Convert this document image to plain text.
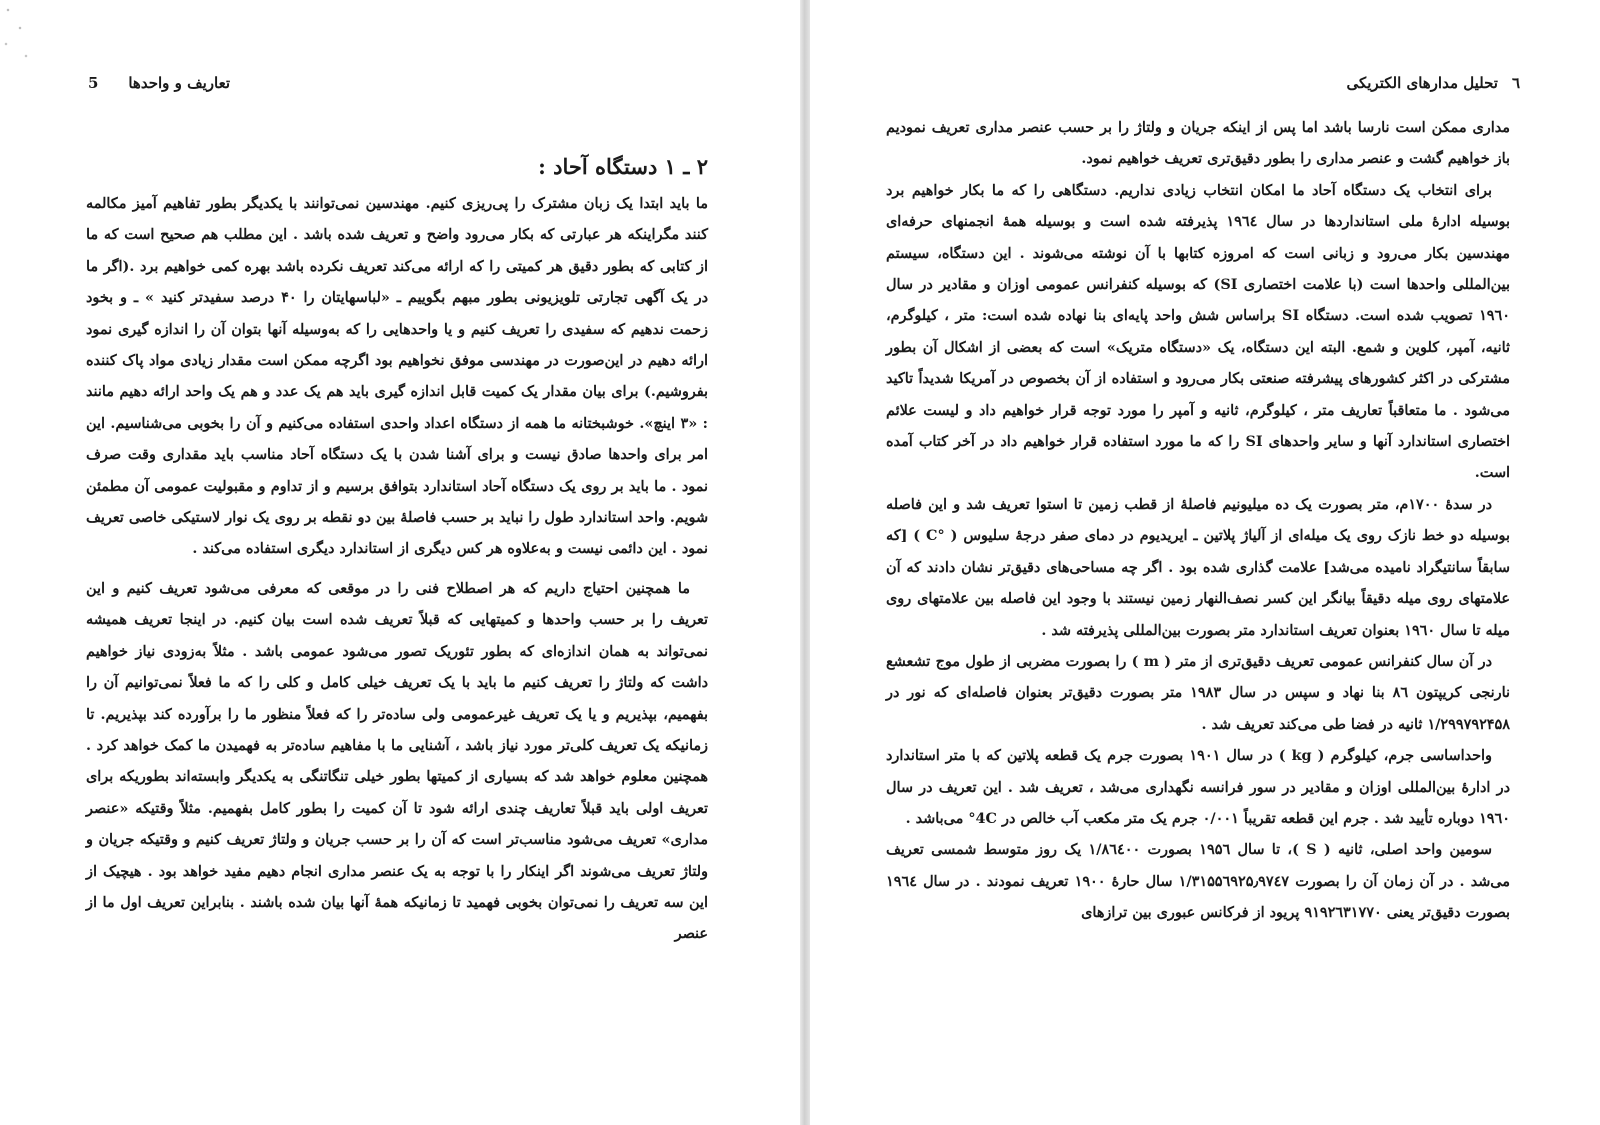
تعاریف و واحدها
5
۲ ـ ۱ دستگاه آحاد :

ما باید ابتدا یک زبان مشترک را پی‌ریزی کنیم. مهندسین نمی‌توانند با یکدیگر بطور تفاهیم آمیز مکالمه کنند مگراینکه هر عبارتی که بکار می‌رود واضح و تعریف شده باشد . این مطلب هم صحیح است که ما از کتابی که بطور دقیق هر کمیتی را که ارائه می‌کند تعریف نکرده باشد بهره کمی خواهیم برد .(اگر ما در یک آگهی تجارتی تلویزیونی بطور مبهم بگوییم ـ «لباسهایتان را ۴۰ درصد سفیدتر کنید » ـ و بخود زحمت ندهیم که سفیدی را تعریف کنیم و یا واحدهایی را که به‌وسیله آنها بتوان آن را اندازه گیری نمود ارائه دهیم در این‌صورت در مهندسی موفق نخواهیم بود اگرچه ممکن است مقدار زیادی مواد پاک کننده بفروشیم.) برای بیان مقدار یک کمیت قابل اندازه گیری باید هم یک عدد و هم یک واحد ارائه دهیم مانند : «۳ اینچ». خوشبختانه ما همه از دستگاه اعداد واحدی استفاده می‌کنیم و آن را بخوبی می‌شناسیم. این امر برای واحدها صادق نیست و برای آشنا شدن با یک دستگاه آحاد مناسب باید مقداری وقت صرف نمود . ما باید بر روی یک دستگاه آحاد استاندارد بتوافق برسیم و از تداوم و مقبولیت عمومی آن مطمئن شویم. واحد استاندارد طول را نباید بر حسب فاصلهٔ بین دو نقطه بر روی یک نوار لاستیکی خاصی تعریف نمود . این دائمی نیست و به‌علاوه هر کس دیگری از استاندارد دیگری استفاده می‌کند .

ما همچنین احتیاج داریم که هر اصطلاح فنی را در موقعی که معرفی می‌شود تعریف کنیم و این تعریف را بر حسب واحدها و کمیتهایی که قبلاً تعریف شده است بیان کنیم. در اینجا تعریف همیشه نمی‌تواند به همان اندازه‌ای که بطور تئوریک تصور می‌شود عمومی باشد . مثلاً به‌زودی نیاز خواهیم داشت که ولتاژ را تعریف کنیم ما باید با یک تعریف خیلی کامل و کلی را که ما فعلاً نمی‌توانیم آن را بفهمیم، بپذیریم و یا یک تعریف غیرعمومی ولی ساده‌تر را که فعلاً منظور ما را برآورده کند بپذیریم. تا زمانیکه یک تعریف کلی‌تر مورد نیاز باشد ، آشنایی ما با مفاهیم ساده‌تر به فهمیدن ما کمک خواهد کرد . همچنین معلوم خواهد شد که بسیاری از کمیتها بطور خیلی تنگاتنگی به یکدیگر وابسته‌اند بطوریکه برای تعریف اولی باید قبلاً تعاریف چندی ارائه شود تا آن کمیت را بطور کامل بفهمیم. مثلاً وقتیکه «عنصر مداری» تعریف می‌شود مناسب‌تر است که آن را بر حسب جریان و ولتاژ تعریف کنیم و وقتیکه جریان و ولتاژ تعریف می‌شوند اگر اینکار را با توجه به یک عنصر مداری انجام دهیم مفید خواهد بود . هیچیک از این سه تعریف را نمی‌توان بخوبی فهمید تا زمانیکه همهٔ آنها بیان شده باشند . بنابراین تعریف اول ما از عنصر

٦
تحلیل مدارهای الکتریکی

مداری ممکن است نارسا باشد اما پس از اینکه جریان و ولتاژ را بر حسب عنصر مداری تعریف نمودیم باز خواهیم گشت و عنصر مداری را بطور دقیق‌تری تعریف خواهیم نمود.

برای انتخاب یک دستگاه آحاد ما امکان انتخاب زیادی نداریم. دستگاهی را که ما بکار خواهیم برد بوسیله ادارهٔ ملی استانداردها در سال ۱۹٦٤ پذیرفته شده است و بوسیله همهٔ انجمنهای حرفه‌ای مهندسین بکار می‌رود و زبانی است که امروزه کتابها با آن نوشته می‌شوند . این دستگاه، سیستم بین‌المللی واحدها است (با علامت اختصاری SI) که بوسیله کنفرانس عمومی اوزان و مقادیر در سال ۱۹٦۰ تصویب شده است. دستگاه SI براساس شش واحد پایه‌ای بنا نهاده شده است: متر ، کیلوگرم، ثانیه، آمپر، کلوین و شمع. البته این دستگاه، یک «دستگاه متریک» است که بعضی از اشکال آن بطور مشترکی در اکثر کشورهای پیشرفته صنعتی بکار می‌رود و استفاده از آن بخصوص در آمریکا شدیداً تاکید می‌شود . ما متعاقباً تعاریف متر ، کیلوگرم، ثانیه و آمپر را مورد توجه قرار خواهیم داد و لیست علائم اختصاری استاندارد آنها و سایر واحدهای SI را که ما مورد استفاده قرار خواهیم داد در آخر کتاب آمده است.

در سدهٔ ۱۷۰۰م، متر بصورت یک ده میلیونیم فاصلهٔ از قطب زمین تا استوا تعریف شد و این فاصله بوسیله دو خط نازک روی یک میله‌ای از آلیاژ پلاتین ـ ایریدیوم در دمای صفر درجهٔ سلیوس ( °C ) [که سابقاً سانتیگراد نامیده می‌شد] علامت گذاری شده بود . اگر چه مساحی‌های دقیق‌تر نشان دادند که آن علامتهای روی میله دقیقاً بیانگر این کسر نصف‌النهار زمین نیستند با وجود این فاصله بین علامتهای روی میله تا سال ۱۹٦۰ بعنوان تعریف استاندارد متر بصورت بین‌المللی پذیرفته شد .

در آن سال کنفرانس عمومی تعریف دقیق‌تری از متر ( m ) را بصورت مضربی از طول موج تشعشع نارنجی کریپتون ۸٦ بنا نهاد و سپس در سال ۱۹۸۳ متر بصورت دقیق‌تر بعنوان فاصله‌ای که نور در ۱/۲۹۹۷۹۲۴۵۸ ثانیه در فضا طی می‌کند تعریف شد .

واحداساسی جرم، کیلوگرم ( kg ) در سال ۱۹۰۱ بصورت جرم یک قطعه پلاتین که با متر استاندارد در ادارهٔ بین‌المللی اوزان و مقادیر در سور فرانسه نگهداری می‌شد ، تعریف شد . این تعریف در سال ۱۹٦۰ دوباره تأیید شد . جرم این قطعه تقریباً ۰/۰۰۱ جرم یک متر مکعب آب خالص در 4C° می‌باشد .

سومین واحد اصلی، ثانیه ( S )، تا سال ۱۹۵٦ بصورت ۱/۸٦٤۰۰ یک روز متوسط شمسی تعریف می‌شد . در آن زمان آن را بصورت ۱/۳۱۵۵٦۹۲۵٫۹۷٤۷ سال حارهٔ ۱۹۰۰ تعریف نمودند . در سال ۱۹٦٤ بصورت دقیق‌تر یعنی ۹۱۹۲٦۳۱۷۷۰ پریود از فرکانس عبوری بین ترازهای
